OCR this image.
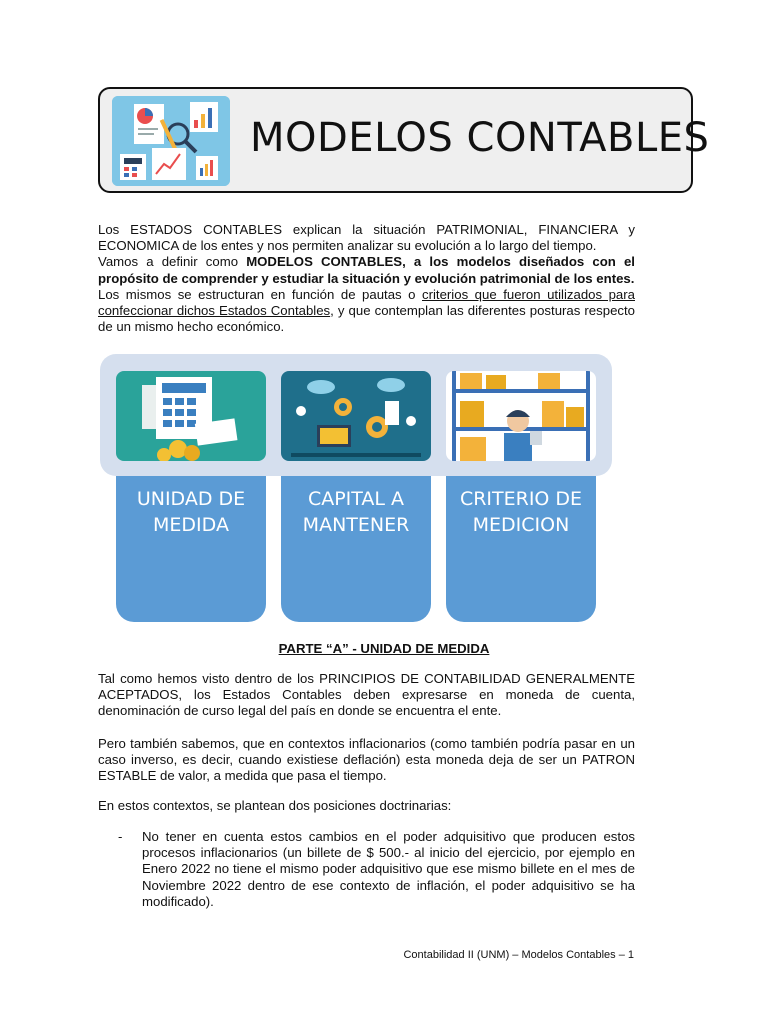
MODELOS CONTABLES

Los ESTADOS CONTABLES explican la situación PATRIMONIAL, FINANCIERA y ECONOMICA de los entes y nos permiten analizar su evolución a lo largo del tiempo.

Vamos a definir como MODELOS CONTABLES, a los modelos diseñados con el propósito de comprender y estudiar la situación y evolución patrimonial de los entes.

Los mismos se estructuran en función de pautas o criterios que fueron utilizados para confeccionar dichos Estados Contables, y que contemplan las diferentes posturas respecto de un mismo hecho económico.

UNIDAD DE MEDIDA
CAPITAL A MANTENER
CRITERIO DE MEDICION
PARTE “A” - UNIDAD DE MEDIDA

Tal como hemos visto dentro de los PRINCIPIOS DE CONTABILIDAD GENERALMENTE ACEPTADOS, los Estados Contables deben expresarse en moneda de cuenta, denominación de curso legal del país en donde se encuentra el ente.

Pero también sabemos, que en contextos inflacionarios (como también podría pasar en un caso inverso, es decir, cuando existiese deflación) esta moneda deja de ser un PATRON ESTABLE de valor, a medida que pasa el tiempo.

En estos contextos, se plantean dos posiciones doctrinarias:

- No tener en cuenta estos cambios en el poder adquisitivo que producen estos procesos inflacionarios (un billete de $ 500.- al inicio del ejercicio, por ejemplo en Enero 2022 no tiene el mismo poder adquisitivo que ese mismo billete en el mes de Noviembre 2022 dentro de ese contexto de inflación, el poder adquisitivo se ha modificado).
Contabilidad II (UNM) – Modelos Contables – 1
